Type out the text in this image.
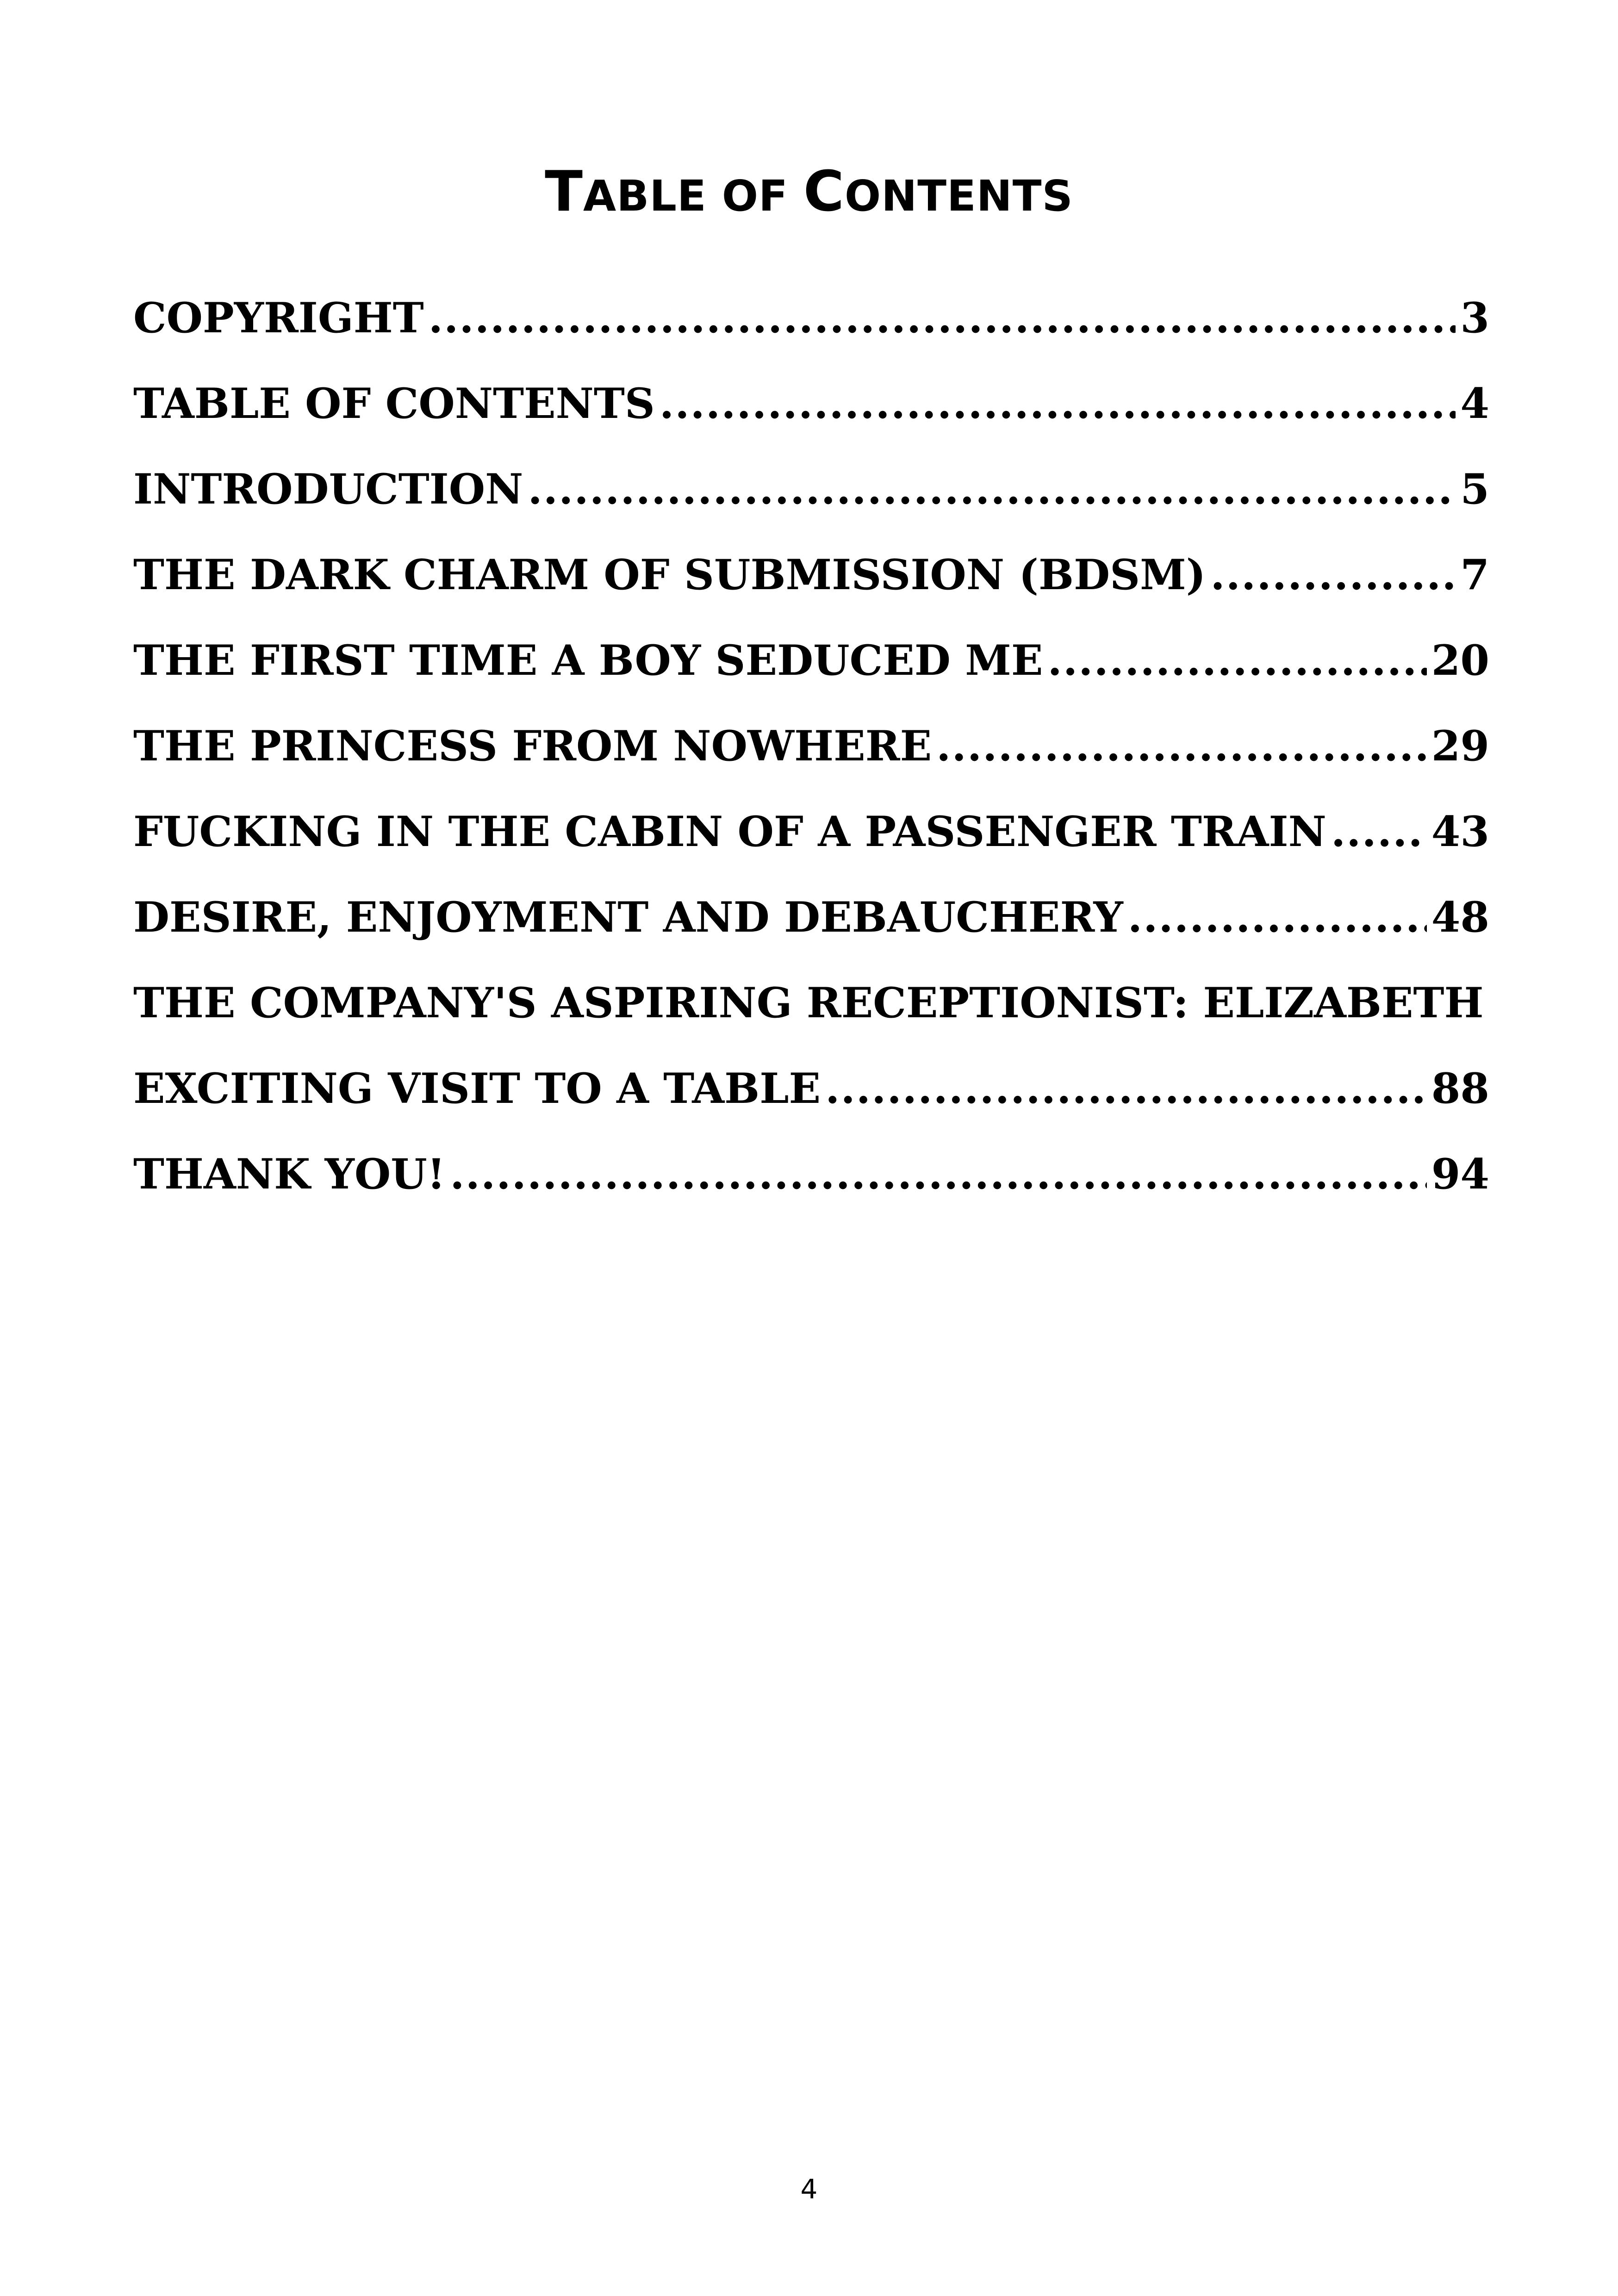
TABLE OF CONTENTS
COPYRIGHT .....	3
TABLE OF CONTENTS .....	4
INTRODUCTION .....	5
THE DARK CHARM OF SUBMISSION (BDSM) .....	7
THE FIRST TIME A BOY SEDUCED ME .....	20
THE PRINCESS FROM NOWHERE .....	29
FUCKING IN THE CABIN OF A PASSENGER TRAIN .....	43
DESIRE, ENJOYMENT AND DEBAUCHERY .....	48
THE COMPANY'S ASPIRING RECEPTIONIST: ELIZABETH
EXCITING VISIT TO A TABLE .....	88
THANK YOU! .....	94
4
